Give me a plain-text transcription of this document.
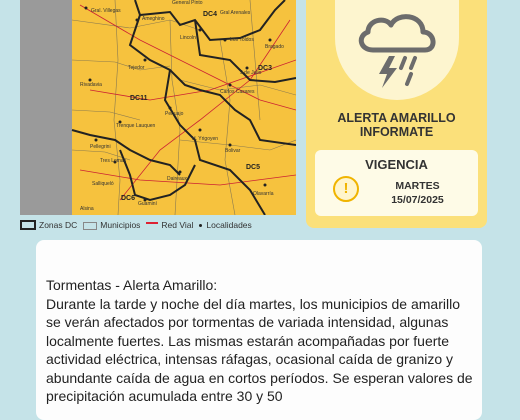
DC4
DC3
DC11
DC5
DC6
Gral. Villegas
General Pinto
Ameghino
Gral Arenales
Lincoln	Los Toldos
Bragado
Tejedor
Rivadavia
9 de Julio
Pehuajo
Carlos Casares
Trenque Lauquen
Pellegrini
H. Yrigoyen
Bolivar
Tres Lomas
Daireaux
Salliqueló
Guaminí
Olavarría
Alsina
Zonas DC	Municipios	Red Vial	Localidades
ALERTA AMARILLO
INFORMATE
VIGENCIA
!	MARTES
15/07/2025

Tormentas - Alerta Amarillo:

Durante la tarde y noche del día martes, los municipios de amarillo se verán afectados por tormentas de variada intensidad, algunas localmente fuertes. Las mismas estarán acompañadas por fuerte actividad eléctrica, intensas ráfagas, ocasional caída de granizo y abundante caída de agua en cortos períodos. Se esperan valores de precipitación acumulada entre 30 y 50
